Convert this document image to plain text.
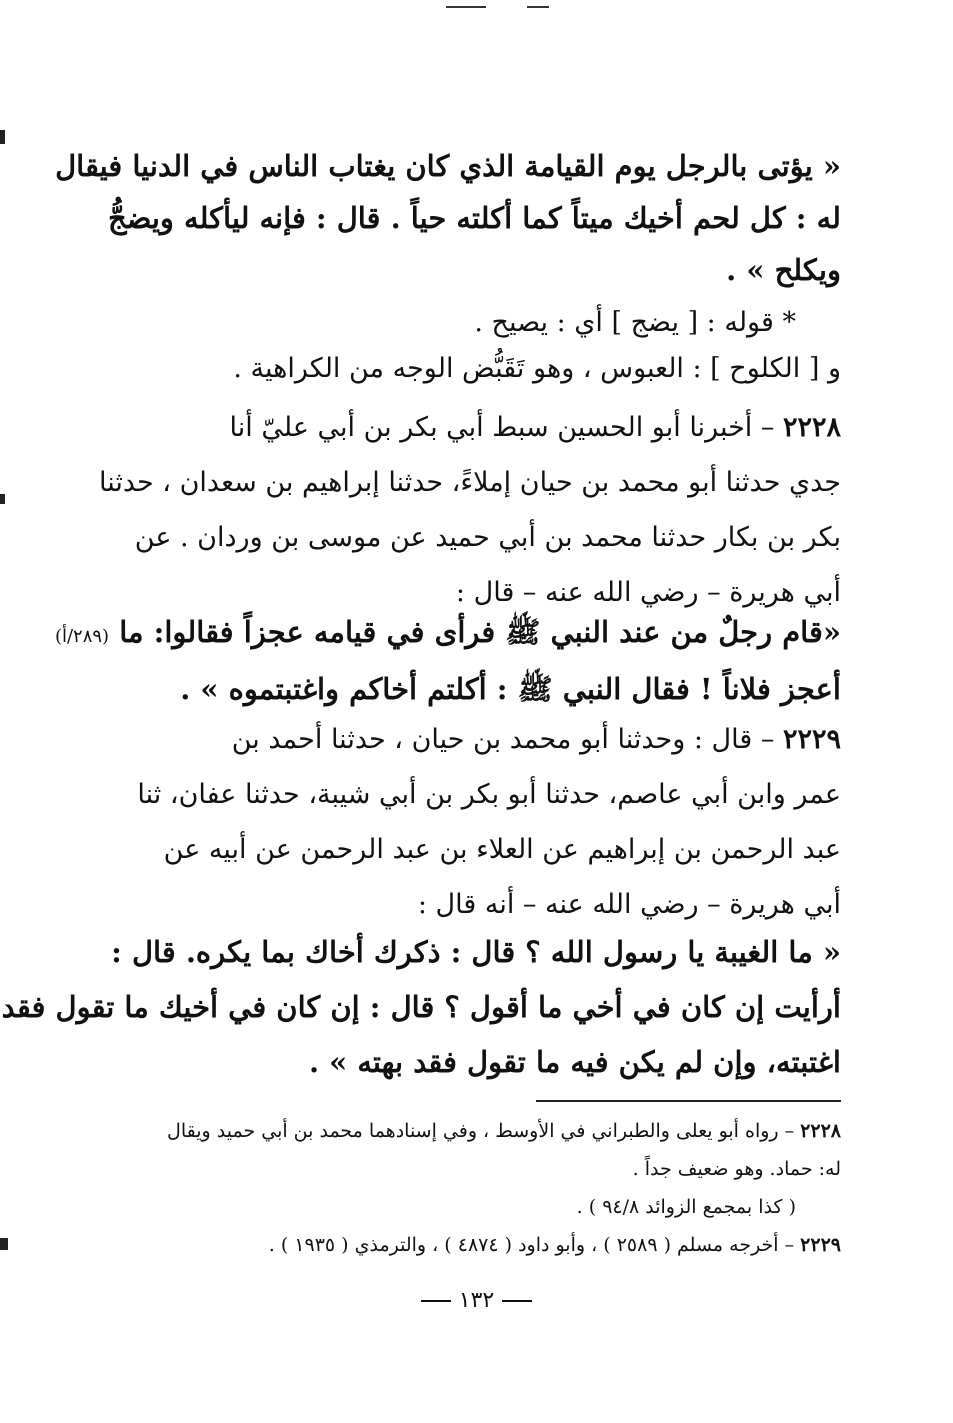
« يؤتى بالرجل يوم القيامة الذي كان يغتاب الناس في الدنيا فيقال
له : كل لحم أخيك ميتاً كما أكلته حياً . قال : فإنه ليأكله ويضجُّ
ويكلح » .
* قوله : [ يضج ] أي : يصيح .
و [ الكلوح ] : العبوس ، وهو تَقَبُّض الوجه من الكراهية .
٢٢٢٨ – أخبرنا أبو الحسين سبط أبي بكر بن أبي عليّ أنا
جدي حدثنا أبو محمد بن حيان إملاءً، حدثنا إبراهيم بن سعدان ، حدثنا
بكر بن بكار حدثنا محمد بن أبي حميد عن موسى بن وردان . عن
أبي هريرة – رضي الله عنه – قال :
«قام رجلٌ من عند النبي ﷺ فرأى في قيامه عجزاً فقالوا: ما (٢٨٩/أ)
أعجز فلاناً ! فقال النبي ﷺ : أكلتم أخاكم واغتبتموه » .
٢٢٢٩ – قال : وحدثنا أبو محمد بن حيان ، حدثنا أحمد بن
عمر وابن أبي عاصم، حدثنا أبو بكر بن أبي شيبة، حدثنا عفان، ثنا
عبد الرحمن بن إبراهيم عن العلاء بن عبد الرحمن عن أبيه عن
أبي هريرة – رضي الله عنه – أنه قال :
« ما الغيبة يا رسول الله ؟ قال : ذكرك أخاك بما يكره. قال :
أرأيت إن كان في أخي ما أقول ؟ قال : إن كان في أخيك ما تقول فقد
اغتبته، وإن لم يكن فيه ما تقول فقد بهته » .
٢٢٢٨ – رواه أبو يعلى والطبراني في الأوسط ، وفي إسنادهما محمد بن أبي حميد ويقال
له: حماد. وهو ضعيف جداً .
( كذا بمجمع الزوائد ٩٤/٨ ) .
٢٢٢٩ – أخرجه مسلم ( ٢٥٨٩ ) ، وأبو داود ( ٤٨٧٤ ) ، والترمذي ( ١٩٣٥ ) .
١٣٢
